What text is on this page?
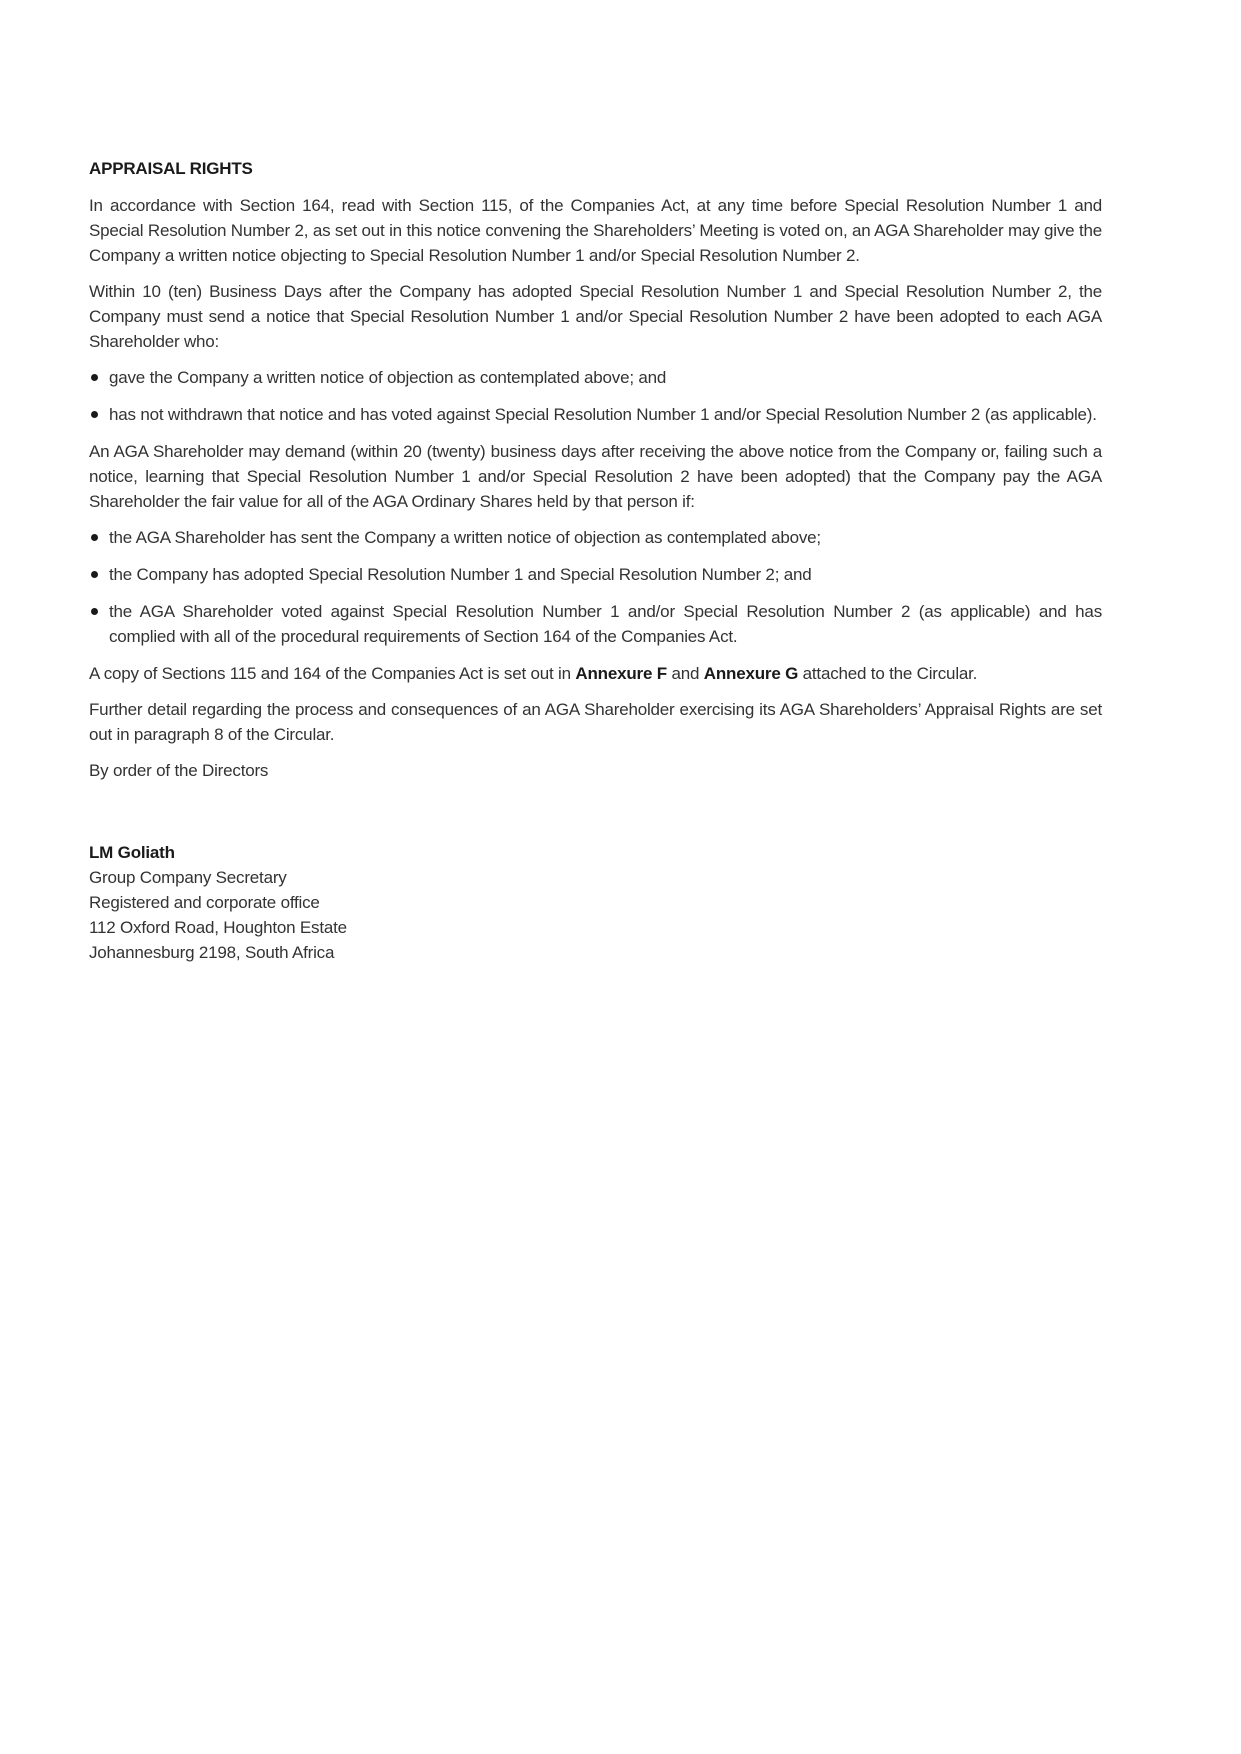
APPRAISAL RIGHTS

In accordance with Section 164, read with Section 115, of the Companies Act, at any time before Special Resolution Number 1 and Special Resolution Number 2, as set out in this notice convening the Shareholders’ Meeting is voted on, an AGA Shareholder may give the Company a written notice objecting to Special Resolution Number 1 and/or Special Resolution Number 2.

Within 10 (ten) Business Days after the Company has adopted Special Resolution Number 1 and Special Resolution Number 2, the Company must send a notice that Special Resolution Number 1 and/or Special Resolution Number 2 have been adopted to each AGA Shareholder who:

gave the Company a written notice of objection as contemplated above; and
has not withdrawn that notice and has voted against Special Resolution Number 1 and/or Special Resolution Number 2 (as applicable).

An AGA Shareholder may demand (within 20 (twenty) business days after receiving the above notice from the Company or, failing such a notice, learning that Special Resolution Number 1 and/or Special Resolution 2 have been adopted) that the Company pay the AGA Shareholder the fair value for all of the AGA Ordinary Shares held by that person if:

the AGA Shareholder has sent the Company a written notice of objection as contemplated above;
the Company has adopted Special Resolution Number 1 and Special Resolution Number 2; and
the AGA Shareholder voted against Special Resolution Number 1 and/or Special Resolution Number 2 (as applicable) and has complied with all of the procedural requirements of Section 164 of the Companies Act.

A copy of Sections 115 and 164 of the Companies Act is set out in Annexure F and Annexure G attached to the Circular.

Further detail regarding the process and consequences of an AGA Shareholder exercising its AGA Shareholders’ Appraisal Rights are set out in paragraph 8 of the Circular.

By order of the Directors

LM Goliath
Group Company Secretary
Registered and corporate office
112 Oxford Road, Houghton Estate
Johannesburg 2198, South Africa
